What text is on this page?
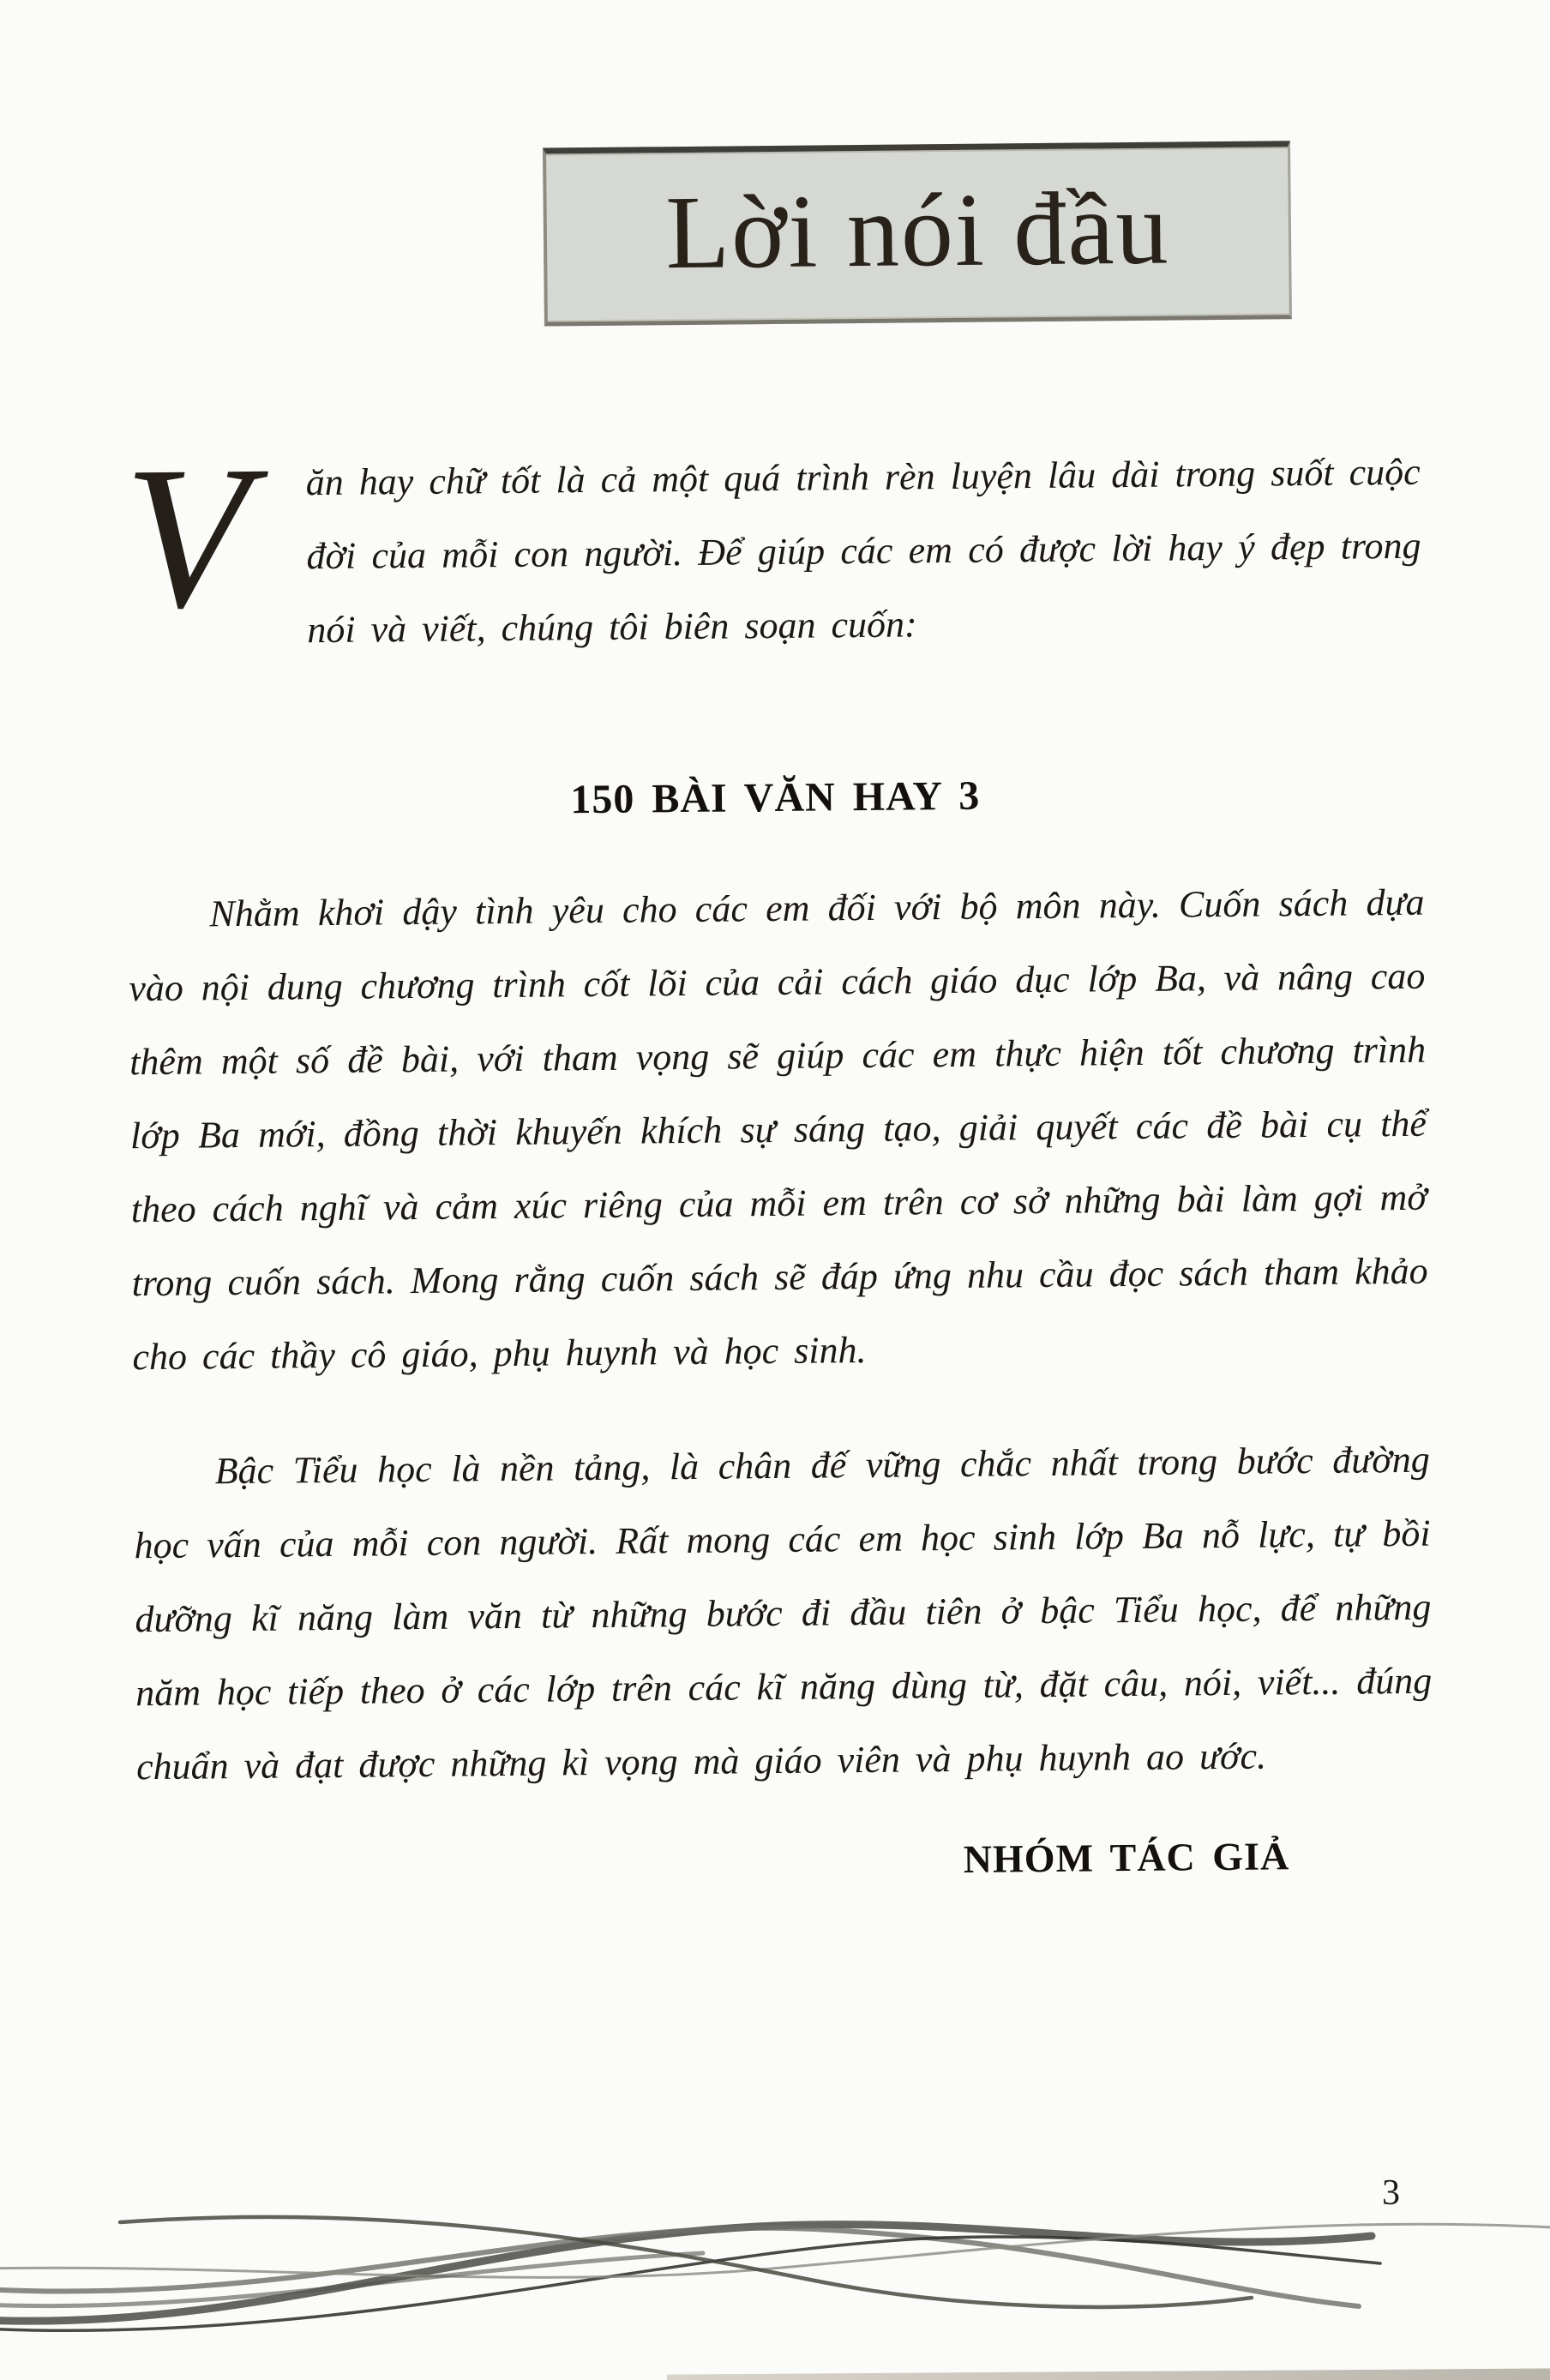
Lời nói đầu

V	ăn hay chữ tốt là cả một quá trình rèn luyện lâu dài trong suốt cuộc đời của mỗi con người. Để giúp các em có được lời hay ý đẹp trong nói và viết, chúng tôi biên soạn cuốn:

150 BÀI VĂN HAY 3

Nhằm khơi dậy tình yêu cho các em đối với bộ môn này. Cuốn sách dựa vào nội dung chương trình cốt lõi của cải cách giáo dục lớp Ba, và nâng cao thêm một số đề bài, với tham vọng sẽ giúp các em thực hiện tốt chương trình lớp Ba mới, đồng thời khuyến khích sự sáng tạo, giải quyết các đề bài cụ thể theo cách nghĩ và cảm xúc riêng của mỗi em trên cơ sở những bài làm gợi mở trong cuốn sách. Mong rằng cuốn sách sẽ đáp ứng nhu cầu đọc sách tham khảo cho các thầy cô giáo, phụ huynh và học sinh.

Bậc Tiểu học là nền tảng, là chân đế vững chắc nhất trong bước đường học vấn của mỗi con người. Rất mong các em học sinh lớp Ba nỗ lực, tự bồi dưỡng kĩ năng làm văn từ những bước đi đầu tiên ở bậc Tiểu học, để những năm học tiếp theo ở các lớp trên các kĩ năng dùng từ, đặt câu, nói, viết... đúng chuẩn và đạt được những kì vọng mà giáo viên và phụ huynh ao ước.

NHÓM TÁC GIẢ

3
